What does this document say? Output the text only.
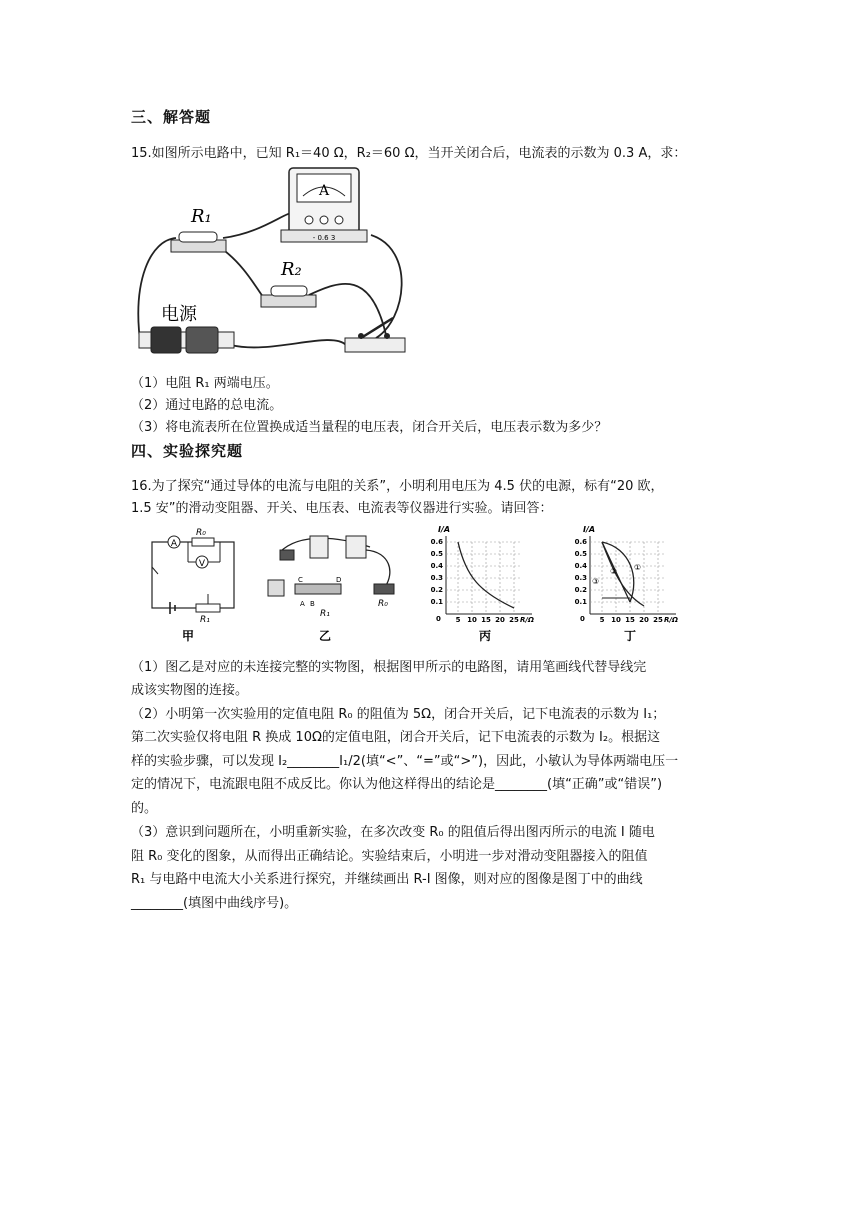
三、解答题
15.如图所示电路中，已知 R₁＝40 Ω，R₂＝60 Ω，当开关闭合后，电流表的示数为 0.3 A，求：
A
- 0.6 3
R₁
R₂
电源
（1）电阻 R₁ 两端电压。
（2）通过电路的总电流。
（3）将电流表所在位置换成适当量程的电压表，闭合开关后，电压表示数为多少？
四、实验探究题
16.为了探究“通过导体的电流与电阻的关系”，小明利用电压为 4.5 伏的电源，标有“20 欧，
1.5 安”的滑动变阻器、开关、电压表、电流表等仪器进行实验。请回答：
A
R₀
V
R₁
甲
C	D
A B
R₁
R₀
乙
I/A
0.6
0.5
0.4
0.3
0.2
0.1
0 5 10 15 20 25 R/Ω
丙
I/A
①
②
③
0.6
0.5
0.4
0.3
0.2
0.1
0 5 10 15 20 25 R/Ω
丁
（1）图乙是对应的未连接完整的实物图，根据图甲所示的电路图，请用笔画线代替导线完
成该实物图的连接。
（2）小明第一次实验用的定值电阻 R₀ 的阻值为 5Ω，闭合开关后，记下电流表的示数为 I₁；
第二次实验仅将电阻 R 换成 10Ω的定值电阻，闭合开关后，记下电流表的示数为 I₂。根据这
样的实验步骤，可以发现 I₂________I₁/2(填“<”、“=”或“>”)，因此，小敏认为导体两端电压一
定的情况下，电流跟电阻不成反比。你认为他这样得出的结论是________(填“正确”或“错误”)
的。
（3）意识到问题所在，小明重新实验，在多次改变 R₀ 的阻值后得出图丙所示的电流 I 随电
阻 R₀ 变化的图象，从而得出正确结论。实验结束后，小明进一步对滑动变阻器接入的阻值
R₁ 与电路中电流大小关系进行探究，并继续画出 R-I 图像，则对应的图像是图丁中的曲线
________(填图中曲线序号)。
